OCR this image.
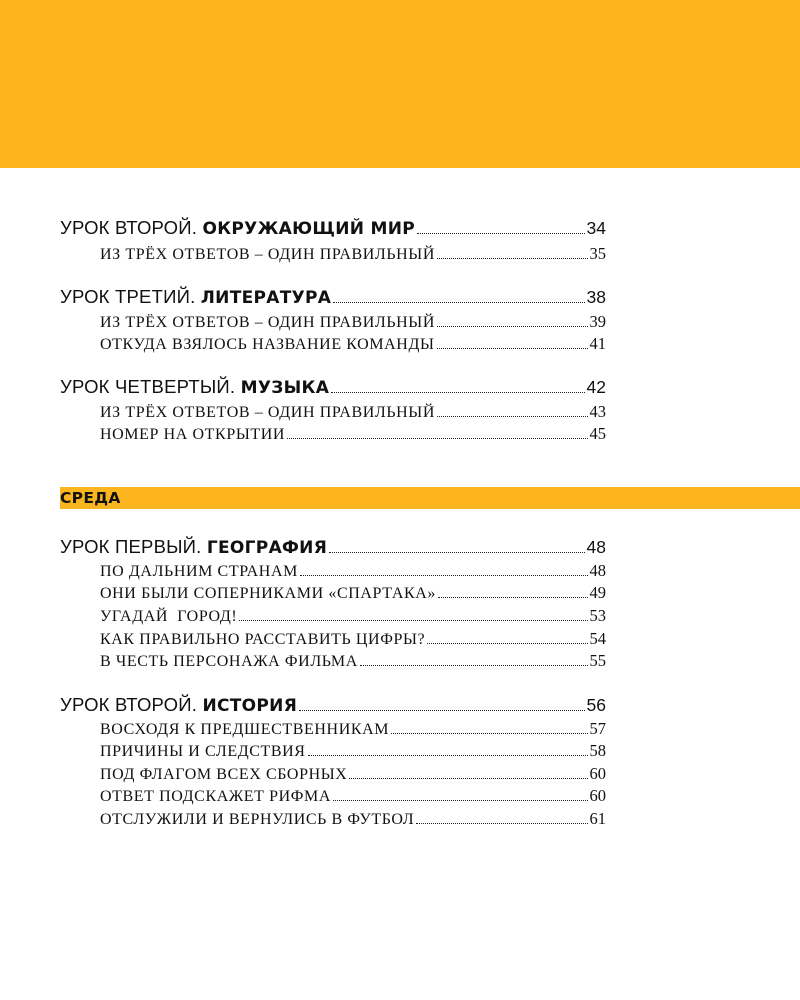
УРОК ВТОРОЙ. ОКРУЖАЮЩИЙ МИР	34
ИЗ ТРЁХ ОТВЕТОВ – ОДИН ПРАВИЛЬНЫЙ	35
УРОК ТРЕТИЙ. ЛИТЕРАТУРА	38
ИЗ ТРЁХ ОТВЕТОВ – ОДИН ПРАВИЛЬНЫЙ	39
ОТКУДА ВЗЯЛОСЬ НАЗВАНИЕ КОМАНДЫ	41
УРОК ЧЕТВЕРТЫЙ. МУЗЫКА	42
ИЗ ТРЁХ ОТВЕТОВ – ОДИН ПРАВИЛЬНЫЙ	43
НОМЕР НА ОТКРЫТИИ	45
СРЕДА
УРОК ПЕРВЫЙ. ГЕОГРАФИЯ	48
ПО ДАЛЬНИМ СТРАНАМ	48
ОНИ БЫЛИ СОПЕРНИКАМИ «СПАРТАКА»	49
УГАДАЙ  ГОРОД!	53
КАК ПРАВИЛЬНО РАССТАВИТЬ ЦИФРЫ?	54
В ЧЕСТЬ ПЕРСОНАЖА ФИЛЬМА	55
УРОК ВТОРОЙ. ИСТОРИЯ	56
ВОСХОДЯ К ПРЕДШЕСТВЕННИКАМ	57
ПРИЧИНЫ И СЛЕДСТВИЯ	58
ПОД ФЛАГОМ ВСЕХ СБОРНЫХ	60
ОТВЕТ ПОДСКАЖЕТ РИФМА	60
ОТСЛУЖИЛИ И ВЕРНУЛИСЬ В ФУТБОЛ	61
